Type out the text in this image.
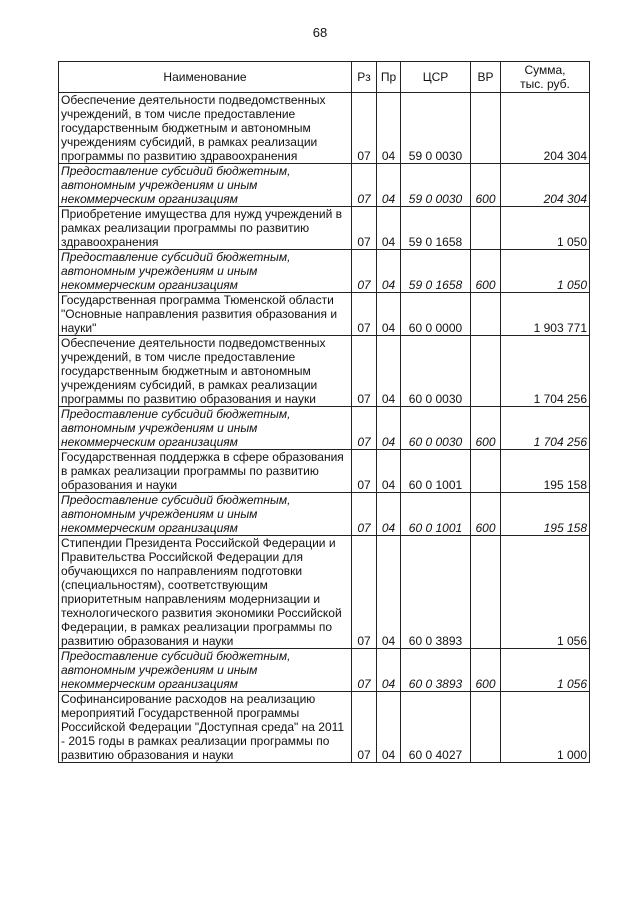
68
Наименование	Рз	Пр	ЦСР	ВР	Сумма,
тыс. руб.
Обеспечение деятельности подведомственных учреждений, в том числе предоставление государственным бюджетным и автономным учреждениям субсидий, в рамках реализации программы по развитию здравоохранения	07	04	59 0 0030		204 304
Предоставление субсидий бюджетным, автономным учреждениям и иным некоммерческим организациям	07	04	59 0 0030	600	204 304
Приобретение имущества для нужд учреждений в рамках реализации программы по развитию здравоохранения	07	04	59 0 1658		1 050
Предоставление субсидий бюджетным, автономным учреждениям и иным некоммерческим организациям	07	04	59 0 1658	600	1 050
Государственная программа Тюменской области "Основные направления развития образования и науки"	07	04	60 0 0000		1 903 771
Обеспечение деятельности подведомственных учреждений, в том числе предоставление государственным бюджетным и автономным учреждениям субсидий, в рамках реализации программы по развитию образования и науки	07	04	60 0 0030		1 704 256
Предоставление субсидий бюджетным, автономным учреждениям и иным некоммерческим организациям	07	04	60 0 0030	600	1 704 256
Государственная поддержка в сфере образования в рамках реализации программы по развитию образования и науки	07	04	60 0 1001		195 158
Предоставление субсидий бюджетным, автономным учреждениям и иным некоммерческим организациям	07	04	60 0 1001	600	195 158
Стипендии Президента Российской Федерации и Правительства Российской Федерации для обучающихся по направлениям подготовки (специальностям), соответствующим приоритетным направлениям модернизации и технологического развития экономики Российской Федерации, в рамках реализации программы по развитию образования и науки	07	04	60 0 3893		1 056
Предоставление субсидий бюджетным, автономным учреждениям и иным некоммерческим организациям	07	04	60 0 3893	600	1 056
Софинансирование расходов на реализацию мероприятий Государственной программы Российской Федерации "Доступная среда" на 2011 - 2015 годы в рамках реализации программы по развитию образования и науки	07	04	60 0 4027		1 000
